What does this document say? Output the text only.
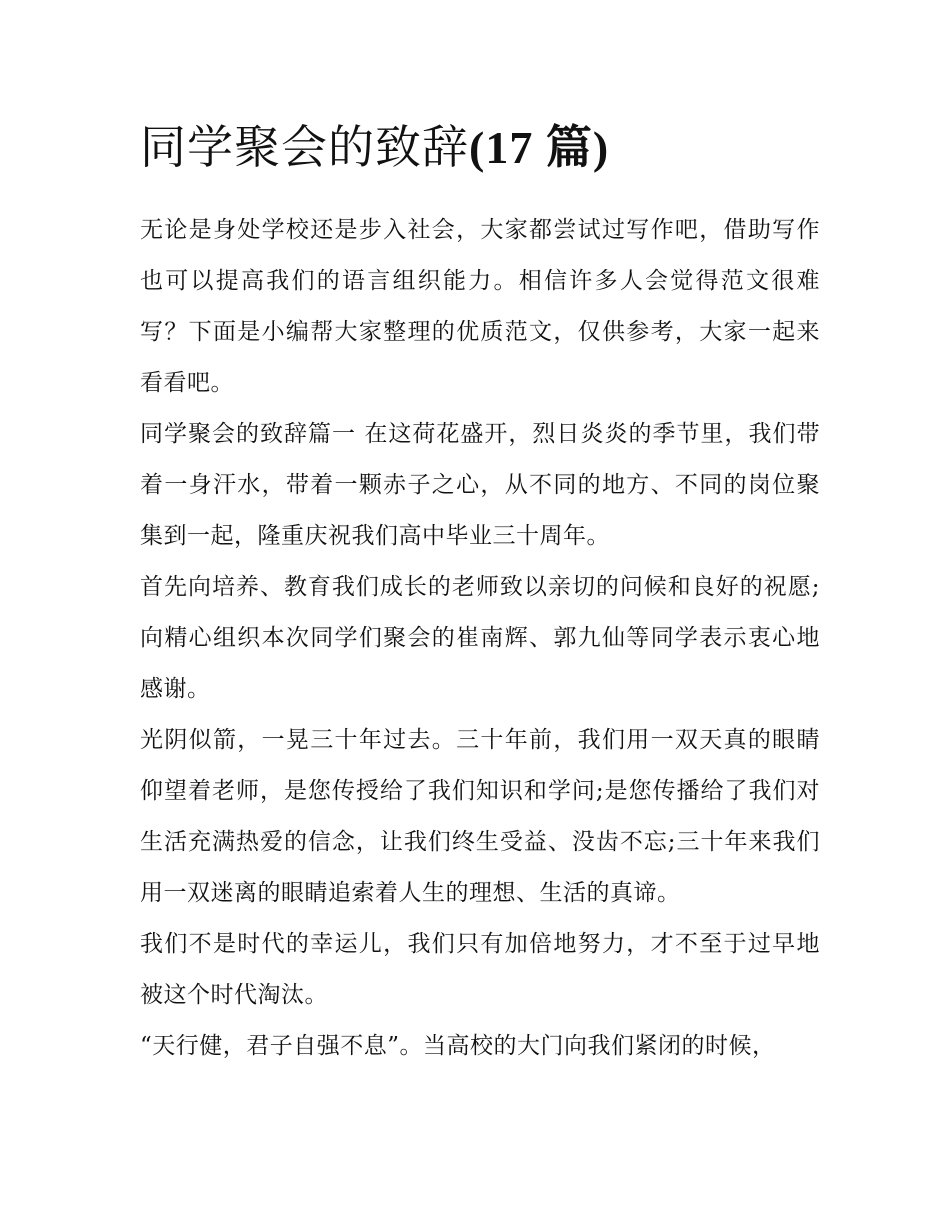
同学聚会的致辞(17 篇)

无论是身处学校还是步入社会，大家都尝试过写作吧，借助写作也可以提高我们的语言组织能力。相信许多人会觉得范文很难写？下面是小编帮大家整理的优质范文，仅供参考，大家一起来看看吧。

同学聚会的致辞篇一 在这荷花盛开，烈日炎炎的季节里，我们带着一身汗水，带着一颗赤子之心，从不同的地方、不同的岗位聚集到一起，隆重庆祝我们高中毕业三十周年。

首先向培养、教育我们成长的老师致以亲切的问候和良好的祝愿;向精心组织本次同学们聚会的崔南辉、郭九仙等同学表示衷心地感谢。

光阴似箭，一晃三十年过去。三十年前，我们用一双天真的眼睛仰望着老师，是您传授给了我们知识和学问;是您传播给了我们对生活充满热爱的信念，让我们终生受益、没齿不忘;三十年来我们用一双迷离的眼睛追索着人生的理想、生活的真谛。

我们不是时代的幸运儿，我们只有加倍地努力，才不至于过早地被这个时代淘汰。

“天行健，君子自强不息”。当高校的大门向我们紧闭的时候，
